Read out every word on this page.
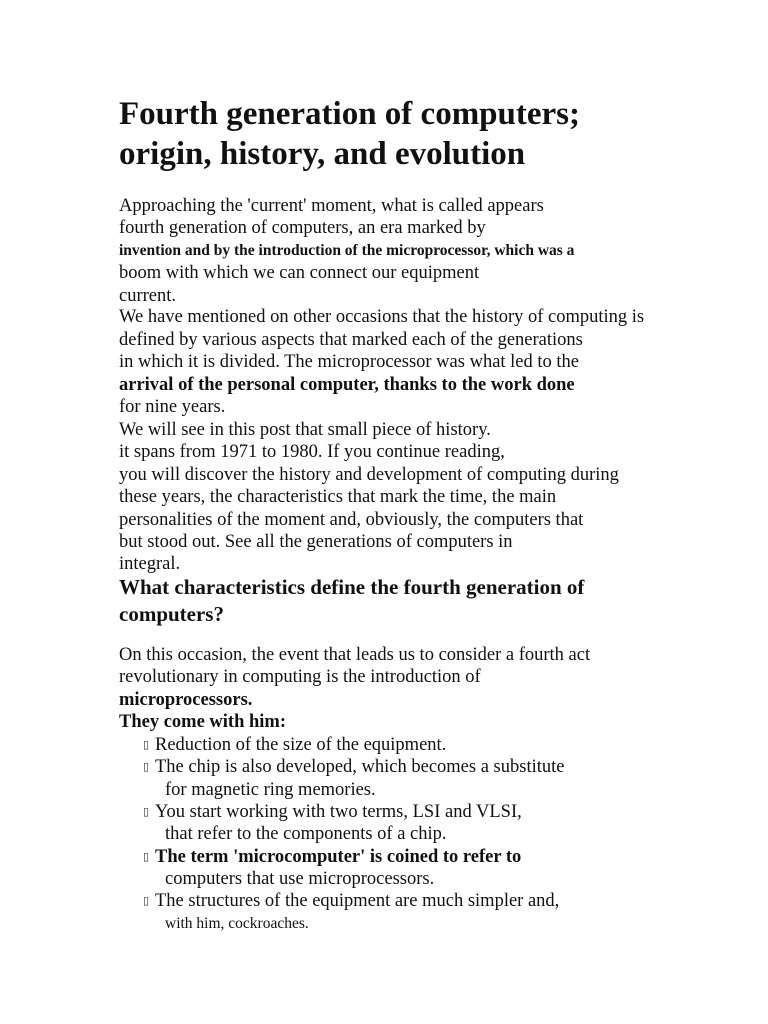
Fourth generation of computers;
origin, history, and evolution
Approaching the 'current' moment, what is called appears
fourth generation of computers, an era marked by
invention and by the introduction of the microprocessor, which was a
boom with which we can connect our equipment
current.
We have mentioned on other occasions that the history of computing is
defined by various aspects that marked each of the generations
in which it is divided. The microprocessor was what led to the
arrival of the personal computer, thanks to the work done
for nine years.
We will see in this post that small piece of history.
it spans from 1971 to 1980. If you continue reading,
you will discover the history and development of computing during
these years, the characteristics that mark the time, the main
personalities of the moment and, obviously, the computers that
but stood out. See all the generations of computers in
integral.
What characteristics define the fourth generation of
computers?
On this occasion, the event that leads us to consider a fourth act
revolutionary in computing is the introduction of
microprocessors.
They come with him:
▯ Reduction of the size of the equipment.
▯ The chip is also developed, which becomes a substitute
for magnetic ring memories.
▯ You start working with two terms, LSI and VLSI,
that refer to the components of a chip.
▯ The term 'microcomputer' is coined to refer to
computers that use microprocessors.
▯ The structures of the equipment are much simpler and,
with him, cockroaches.
